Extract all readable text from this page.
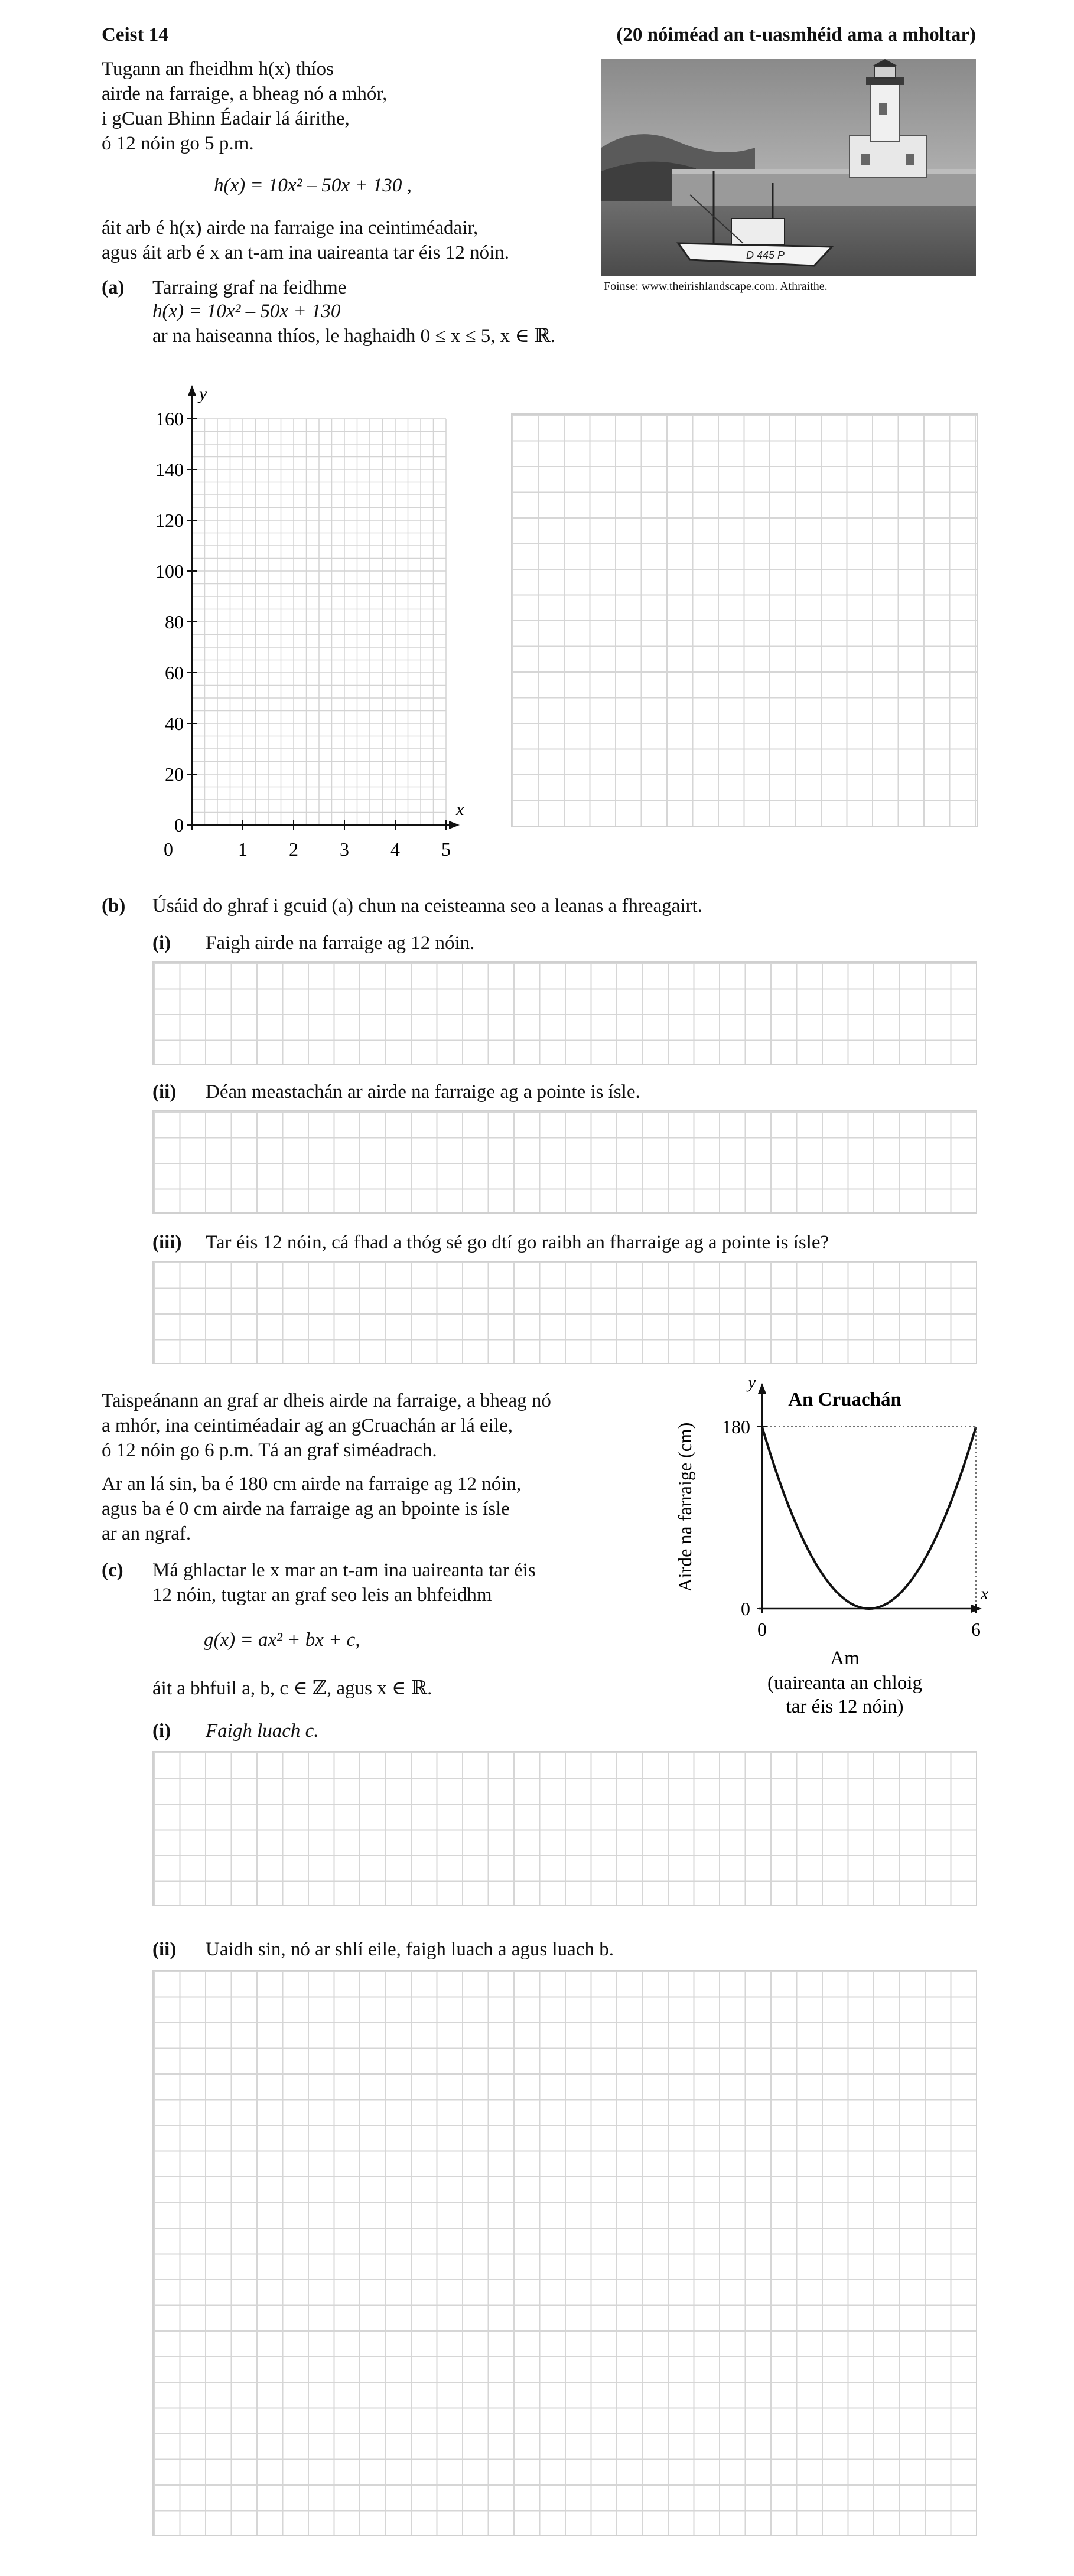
Ceist 14	(20 nóiméad an t-uasmhéid ama a mholtar)
Tugann an fheidhm h(x) thíos
airde na farraige, a bheag nó a mhór,
i gCuan Bhinn Éadair lá áirithe,
ó 12 nóin go 5 p.m.
h(x) = 10x² – 50x + 130 ,
áit arb é h(x) airde na farraige ina ceintiméadair,
agus áit arb é x an t-am ina uaireanta tar éis 12 nóin.	D 445 P
Foinse: www.theirishlandscape.com. Athraithe.
(a) Tarraing graf na feidhme
h(x) = 10x² – 50x + 130
ar na haiseanna thíos, le haghaidh 0 ≤ x ≤ 5, x ∈ ℝ.
0
20
40
60
80
100
120
140
160
0	1 2 3 4 5
y
x
(b) Úsáid do ghraf i gcuid (a) chun na ceisteanna seo a leanas a fhreagairt.
(i) Faigh airde na farraige ag 12 nóin.
(ii) Déan meastachán ar airde na farraige ag a pointe is ísle.
(iii) Tar éis 12 nóin, cá fhad a thóg sé go dtí go raibh an fharraige ag a pointe is ísle?
Taispeánann an graf ar dheis airde na farraige, a bheag nó
a mhór, ina ceintiméadair ag an gCruachán ar lá eile,
ó 12 nóin go 6 p.m. Tá an graf siméadrach.
Ar an lá sin, ba é 180 cm airde na farraige ag 12 nóin,
agus ba é 0 cm airde na farraige ag an bpointe is ísle
ar an ngraf.
(c) Má ghlactar le x mar an t-am ina uaireanta tar éis
12 nóin, tugtar an graf seo leis an bhfeidhm
g(x) = ax² + bx + c,
áit a bhfuil a, b, c ∈ ℤ, agus x ∈ ℝ.
An Cruachán
y
x
0
180
0	6
Am
(uaireanta an chloig
tar éis 12 nóin)
Airde na farraige (cm)
(i) Faigh luach c.
(ii) Uaidh sin, nó ar shlí eile, faigh luach a agus luach b.
